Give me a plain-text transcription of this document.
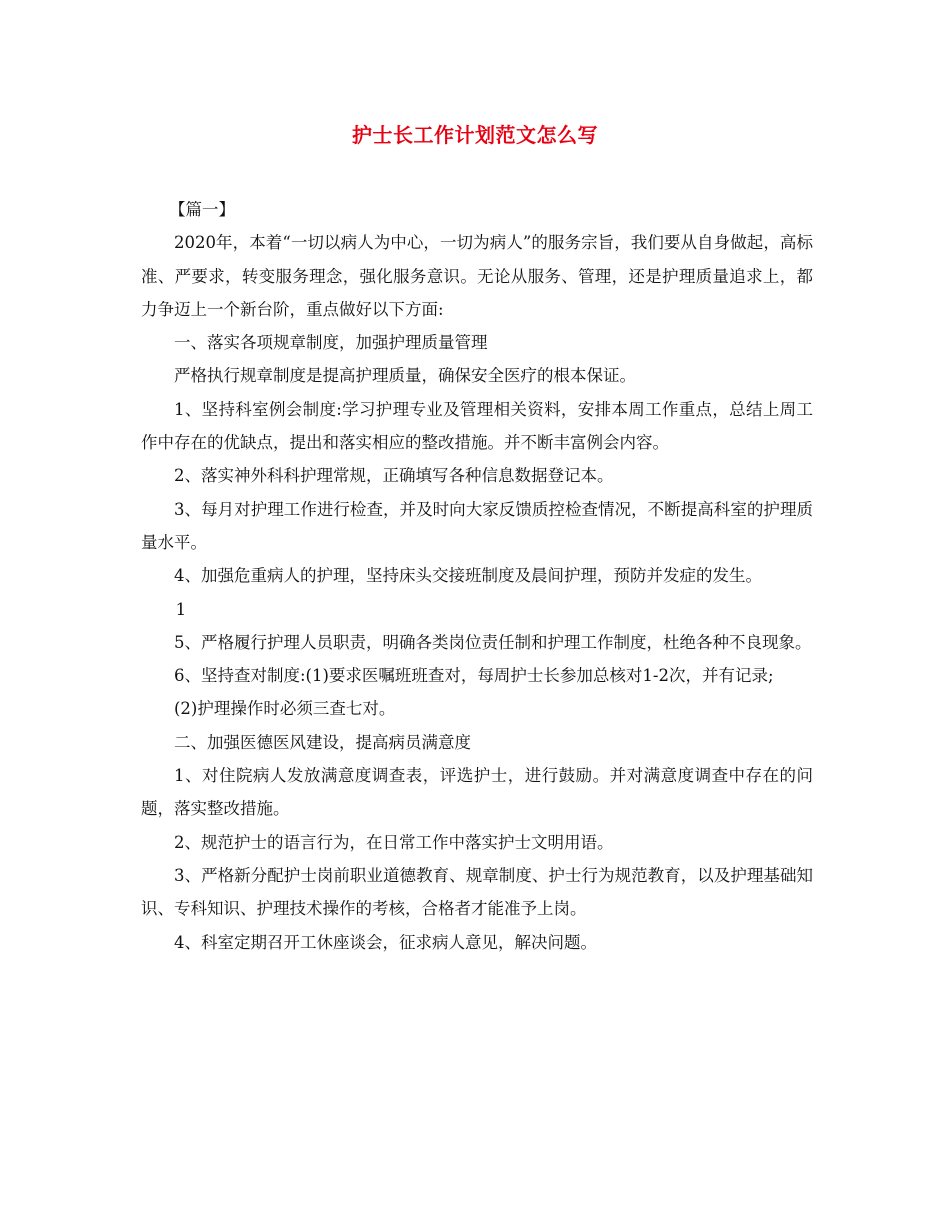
护士长工作计划范文怎么写

【篇一】

2020年，本着“一切以病人为中心，一切为病人”的服务宗旨，我们要从自身做起，高标准、严要求，转变服务理念，强化服务意识。无论从服务、管理，还是护理质量追求上，都力争迈上一个新台阶，重点做好以下方面:

一、落实各项规章制度，加强护理质量管理

严格执行规章制度是提高护理质量，确保安全医疗的根本保证。

1、坚持科室例会制度:学习护理专业及管理相关资料，安排本周工作重点，总结上周工作中存在的优缺点，提出和落实相应的整改措施。并不断丰富例会内容。

2、落实神外科科护理常规，正确填写各种信息数据登记本。

3、每月对护理工作进行检查，并及时向大家反馈质控检查情况，不断提高科室的护理质量水平。

4、加强危重病人的护理，坚持床头交接班制度及晨间护理，预防并发症的发生。

1

5、严格履行护理人员职责，明确各类岗位责任制和护理工作制度，杜绝各种不良现象。

6、坚持查对制度:(1)要求医嘱班班查对，每周护士长参加总核对1-2次，并有记录;

(2)护理操作时必须三查七对。

二、加强医德医风建设，提高病员满意度

1、对住院病人发放满意度调查表，评选护士，进行鼓励。并对满意度调查中存在的问题，落实整改措施。

2、规范护士的语言行为，在日常工作中落实护士文明用语。

3、严格新分配护士岗前职业道德教育、规章制度、护士行为规范教育，以及护理基础知识、专科知识、护理技术操作的考核，合格者才能准予上岗。

4、科室定期召开工休座谈会，征求病人意见，解决问题。
